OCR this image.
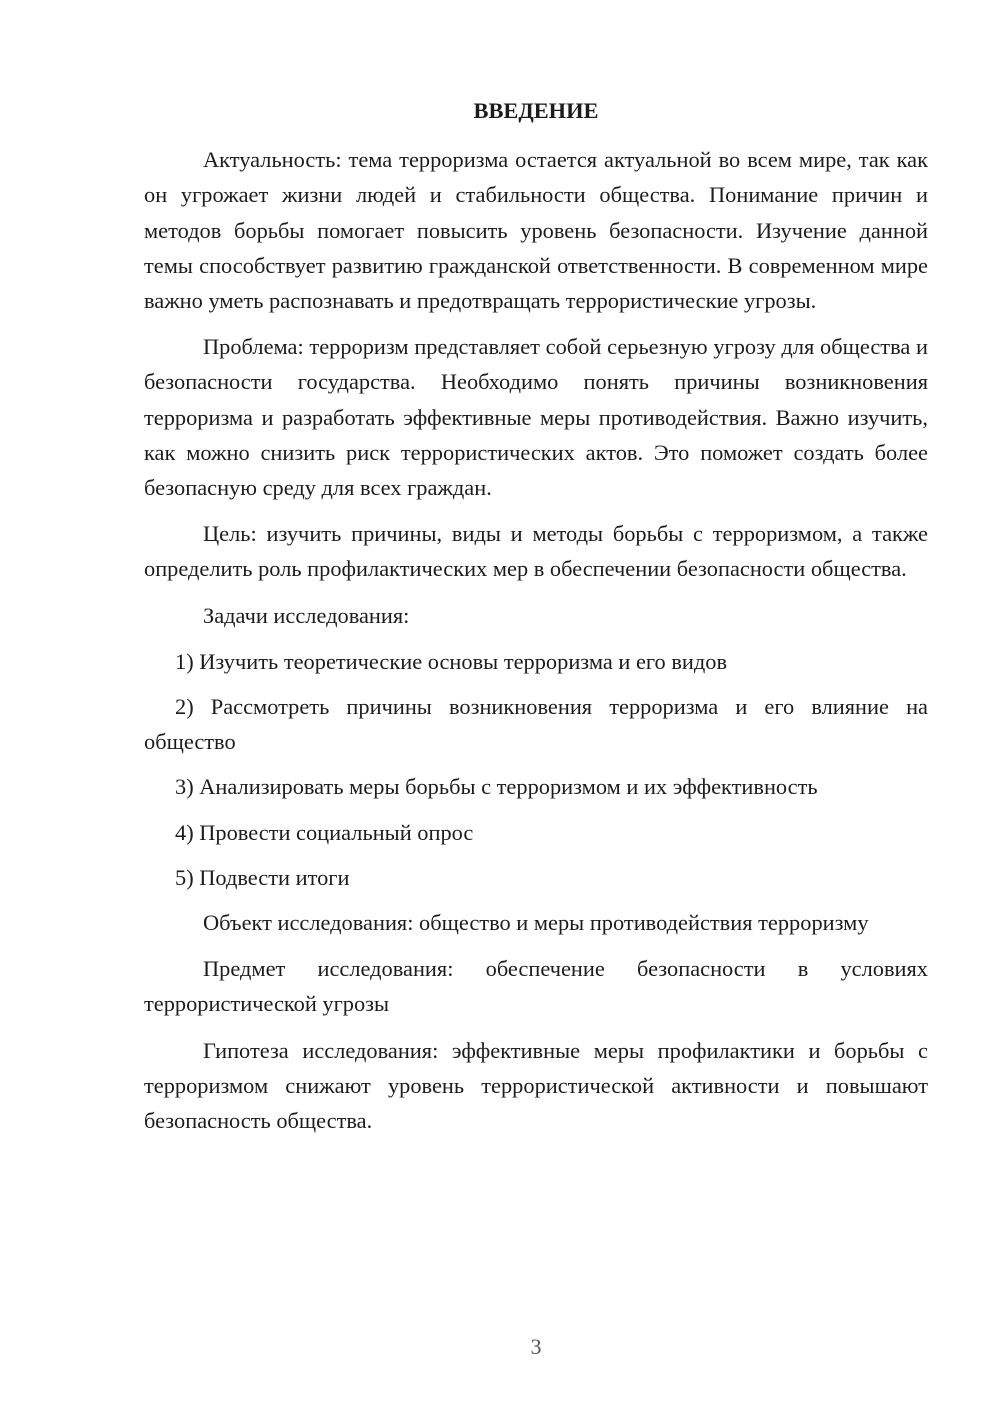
ВВЕДЕНИЕ

Актуальность: тема терроризма остается актуальной во всем мире, так как он угрожает жизни людей и стабильности общества. Понимание причин и методов борьбы помогает повысить уровень безопасности. Изучение данной темы способствует развитию гражданской ответственности. В современном мире важно уметь распознавать и предотвращать террористические угрозы.

Проблема: терроризм представляет собой серьезную угрозу для общества и безопасности государства. Необходимо понять причины возникновения терроризма и разработать эффективные меры противодействия. Важно изучить, как можно снизить риск террористических актов. Это поможет создать более безопасную среду для всех граждан.

Цель: изучить причины, виды и методы борьбы с терроризмом, а также определить роль профилактических мер в обеспечении безопасности общества.

Задачи исследования:

1) Изучить теоретические основы терроризма и его видов

2) Рассмотреть причины возникновения терроризма и его влияние на общество

3) Анализировать меры борьбы с терроризмом и их эффективность

4) Провести социальный опрос

5) Подвести итоги

Объект исследования: общество и меры противодействия терроризму

Предмет исследования: обеспечение безопасности в условиях террористической угрозы

Гипотеза исследования: эффективные меры профилактики и борьбы с терроризмом снижают уровень террористической активности и повышают безопасность общества.

3
